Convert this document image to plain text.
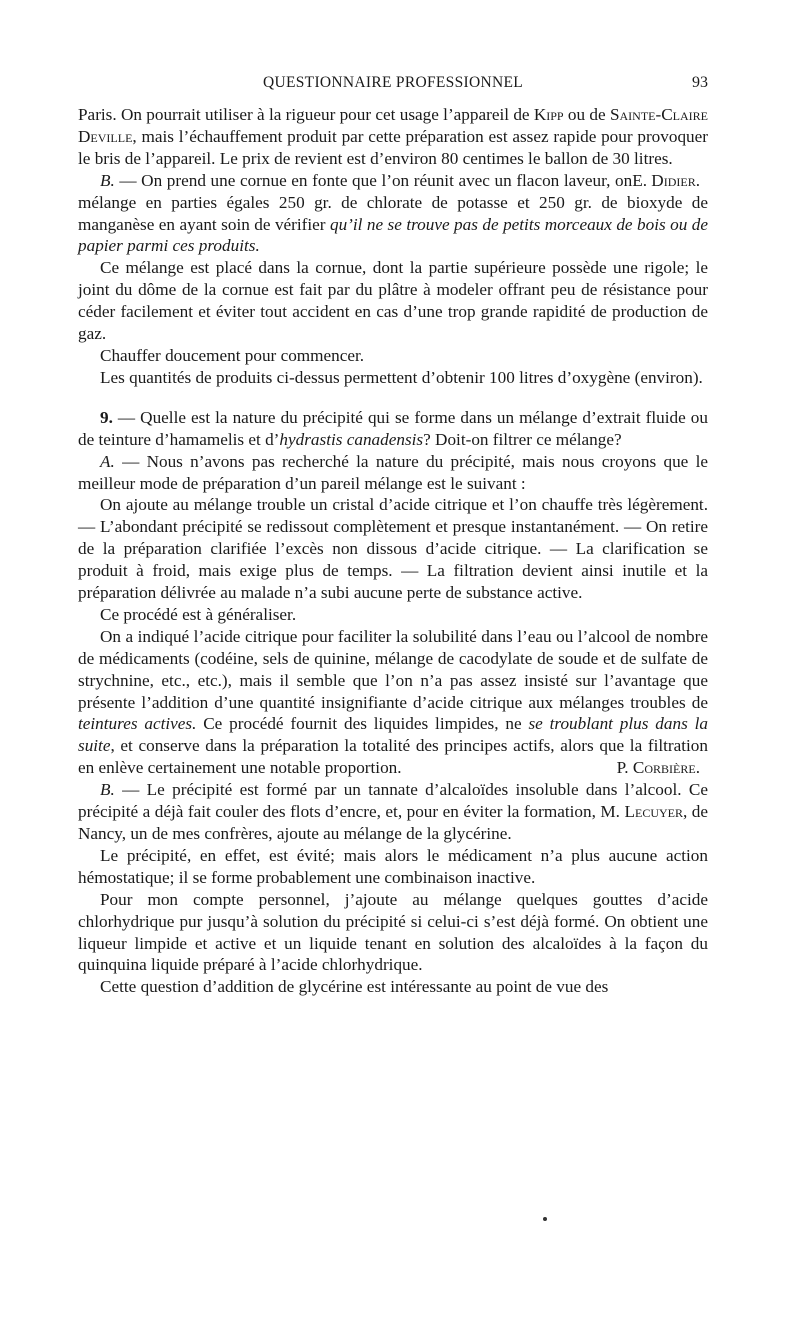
QUESTIONNAIRE PROFESSIONNEL	93

Paris. On pourrait utiliser à la rigueur pour cet usage l’appareil de Kipp ou de Sainte-Claire Deville, mais l’échauffement produit par cette préparation est assez rapide pour provoquer le bris de l’appareil. Le prix de revient est d’environ 80 centimes le ballon de 30 litres.
E. Didier.

B. — On prend une cornue en fonte que l’on réunit avec un flacon laveur, on mélange en parties égales 250 gr. de chlorate de potasse et 250 gr. de bioxyde de manganèse en ayant soin de vérifier qu’il ne se trouve pas de petits morceaux de bois ou de papier parmi ces produits.

Ce mélange est placé dans la cornue, dont la partie supérieure possède une rigole; le joint du dôme de la cornue est fait par du plâtre à modeler offrant peu de résistance pour céder facilement et éviter tout accident en cas d’une trop grande rapidité de production de gaz.

Chauffer doucement pour commencer.

Les quantités de produits ci-dessus permettent d’obtenir 100 litres d’oxygène (environ).

9. — Quelle est la nature du précipité qui se forme dans un mélange d’extrait fluide ou de teinture d’hamamelis et d’hydrastis canadensis? Doit-on filtrer ce mélange?

A. — Nous n’avons pas recherché la nature du précipité, mais nous croyons que le meilleur mode de préparation d’un pareil mélange est le suivant :

On ajoute au mélange trouble un cristal d’acide citrique et l’on chauffe très légèrement. — L’abondant précipité se redissout complètement et presque instantanément. — On retire de la préparation clarifiée l’excès non dissous d’acide citrique. — La clarification se produit à froid, mais exige plus de temps. — La filtration devient ainsi inutile et la préparation délivrée au malade n’a subi aucune perte de substance active.

Ce procédé est à généraliser.

On a indiqué l’acide citrique pour faciliter la solubilité dans l’eau ou l’alcool de nombre de médicaments (codéine, sels de quinine, mélange de cacodylate de soude et de sulfate de strychnine, etc., etc.), mais il semble que l’on n’a pas assez insisté sur l’avantage que présente l’addition d’une quantité insignifiante d’acide citrique aux mélanges troubles de teintures actives. Ce procédé fournit des liquides limpides, ne se troublant plus dans la suite, et conserve dans la préparation la totalité des principes actifs, alors que la filtration en enlève certainement une notable proportion.	P. Corbière.

B. — Le précipité est formé par un tannate d’alcaloïdes insoluble dans l’alcool. Ce précipité a déjà fait couler des flots d’encre, et, pour en éviter la formation, M. Lecuyer, de Nancy, un de mes confrères, ajoute au mélange de la glycérine.

Le précipité, en effet, est évité; mais alors le médicament n’a plus aucune action hémostatique; il se forme probablement une combinaison inactive.

Pour mon compte personnel, j’ajoute au mélange quelques gouttes d’acide chlorhydrique pur jusqu’à solution du précipité si celui-ci s’est déjà formé. On obtient une liqueur limpide et active et un liquide tenant en solution des alcaloïdes à la façon du quinquina liquide préparé à l’acide chlorhydrique.

Cette question d’addition de glycérine est intéressante au point de vue des
